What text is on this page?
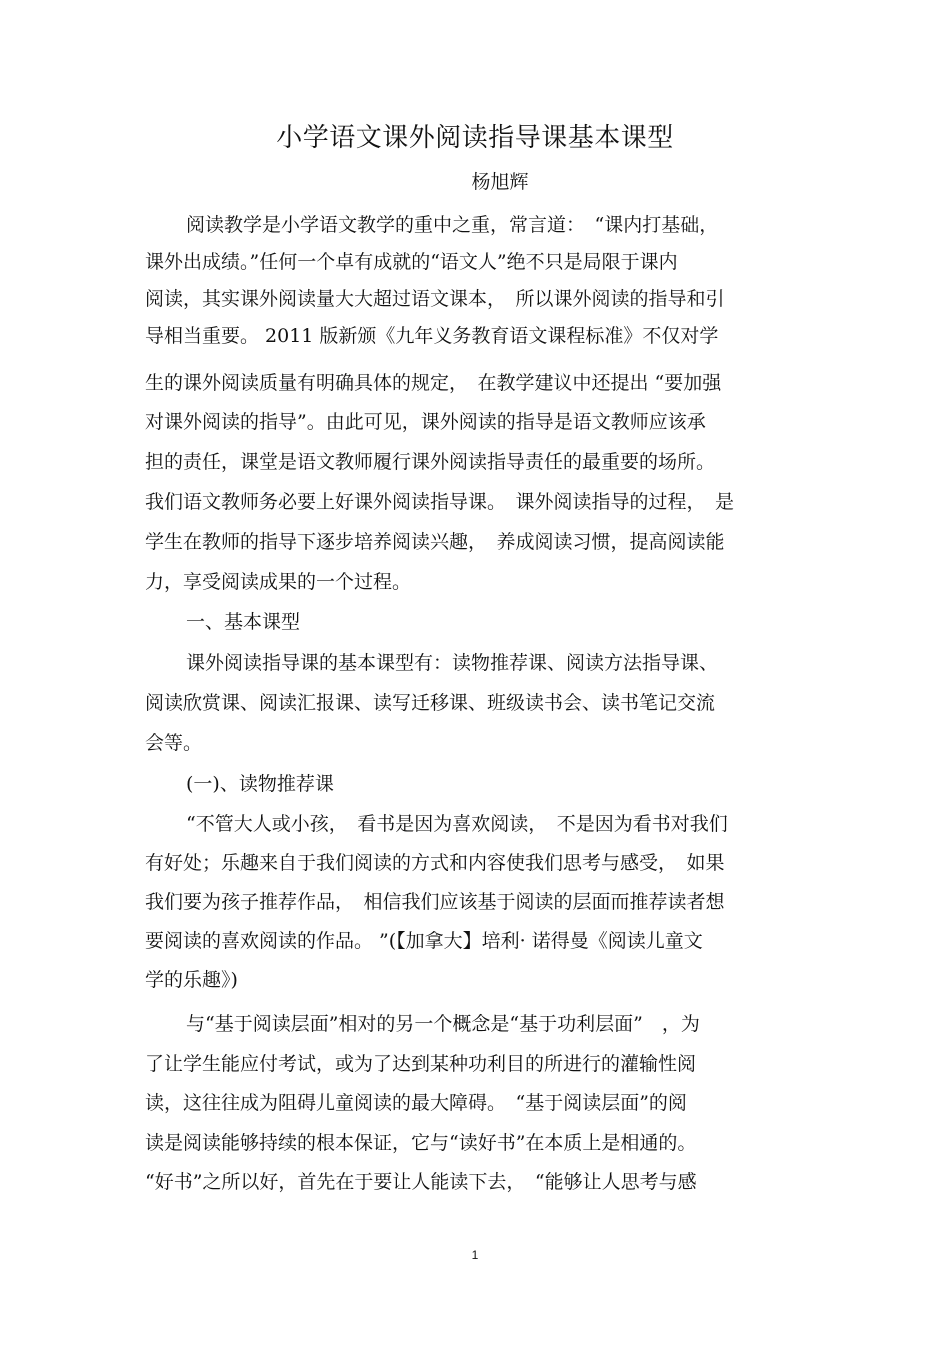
小学语文课外阅读指导课基本课型
杨旭辉
阅读教学是小学语文教学的重中之重，常言道：　“课内打基础，
课外出成绩。”任何一个卓有成就的“语文人”绝不只是局限于课内
阅读，其实课外阅读量大大超过语文课本，　所以课外阅读的指导和引
导相当重要。 2011 版新颁《九年义务教育语文课程标准》不仅对学
生的课外阅读质量有明确具体的规定，　在教学建议中还提出 “要加强
对课外阅读的指导”。由此可见，课外阅读的指导是语文教师应该承
担的责任，课堂是语文教师履行课外阅读指导责任的最重要的场所。
我们语文教师务必要上好课外阅读指导课。　课外阅读指导的过程，　是
学生在教师的指导下逐步培养阅读兴趣，　养成阅读习惯，提高阅读能
力，享受阅读成果的一个过程。
一、基本课型
课外阅读指导课的基本课型有：读物推荐课、阅读方法指导课、
阅读欣赏课、阅读汇报课、读写迁移课、班级读书会、读书笔记交流
会等。
(一)、读物推荐课
“不管大人或小孩，　看书是因为喜欢阅读，　不是因为看书对我们
有好处；乐趣来自于我们阅读的方式和内容使我们思考与感受，　如果
我们要为孩子推荐作品，　相信我们应该基于阅读的层面而推荐读者想
要阅读的喜欢阅读的作品。 ”(【加拿大】培利· 诺得曼《阅读儿童文
学的乐趣》)
与“基于阅读层面”相对的另一个概念是“基于功利层面”　，为
了让学生能应付考试，或为了达到某种功利目的所进行的灌输性阅
读，这往往成为阻碍儿童阅读的最大障碍。　“基于阅读层面”的阅
读是阅读能够持续的根本保证，它与“读好书”在本质上是相通的。
“好书”之所以好，首先在于要让人能读下去，　“能够让人思考与感
1
